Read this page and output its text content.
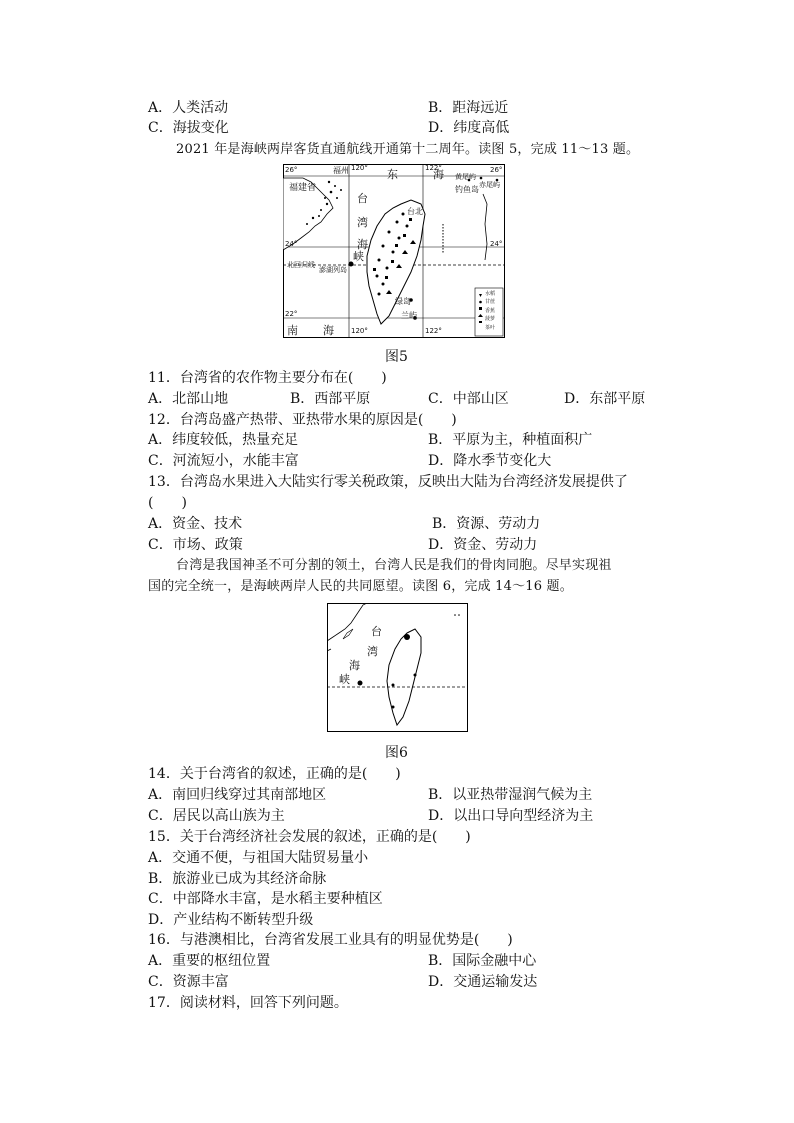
A．人类活动	B．距海远近
C．海拔变化	D．纬度高低
2021 年是海峡两岸客货直通航线开通第十二周年。读图 5，完成 11～13 题。
26°
24°
22°
26°
24°
120°	122°
120°	122°
福州
福建省
台
湾
海
峡
东	海
南 海
台北
钓鱼岛
黄尾屿
赤尾屿
北回归线
澎湖列岛
绿岛
兰屿
水稻
甘蔗
香蕉
菠萝
茶叶
图5
11．台湾省的农作物主要分布在(　　)
A．北部山地	B．西部平原	C．中部山区	D．东部平原
12．台湾岛盛产热带、亚热带水果的原因是(　　)
A．纬度较低，热量充足	B．平原为主，种植面积广
C．河流短小，水能丰富	D．降水季节变化大
13．台湾岛水果进入大陆实行零关税政策，反映出大陆为台湾经济发展提供了
(　　)
A．资金、技术	B．资源、劳动力
C．市场、政策	D．资金、劳动力
台湾是我国神圣不可分割的领土，台湾人民是我们的骨肉同胞。尽早实现祖
国的完全统一，是海峡两岸人民的共同愿望。读图 6，完成 14～16 题。
台
湾
海
峡
图6
14．关于台湾省的叙述，正确的是(　　)
A．南回归线穿过其南部地区	B．以亚热带湿润气候为主
C．居民以高山族为主	D．以出口导向型经济为主
15．关于台湾经济社会发展的叙述，正确的是(　　)
A．交通不便，与祖国大陆贸易量小
B．旅游业已成为其经济命脉
C．中部降水丰富，是水稻主要种植区
D．产业结构不断转型升级
16．与港澳相比，台湾省发展工业具有的明显优势是(　　)
A．重要的枢纽位置	B．国际金融中心
C．资源丰富	D．交通运输发达
17．阅读材料，回答下列问题。
